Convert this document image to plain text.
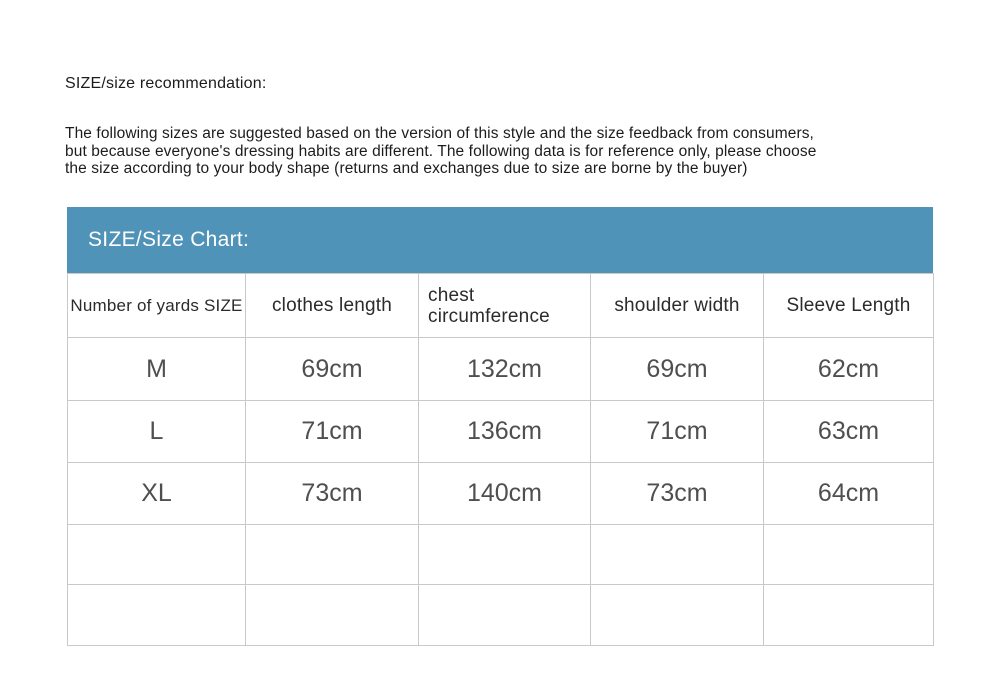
SIZE/size recommendation:
The following sizes are suggested based on the version of this style and the size feedback from consumers,
but because everyone's dressing habits are different. The following data is for reference only, please choose
the size according to your body shape (returns and exchanges due to size are borne by the buyer)
SIZE/Size Chart:
Number of yards SIZE	clothes length	chest circumference	shoulder width	Sleeve Length
M	69cm	132cm	69cm	62cm
L	71cm	136cm	71cm	63cm
XL	73cm	140cm	73cm	64cm
